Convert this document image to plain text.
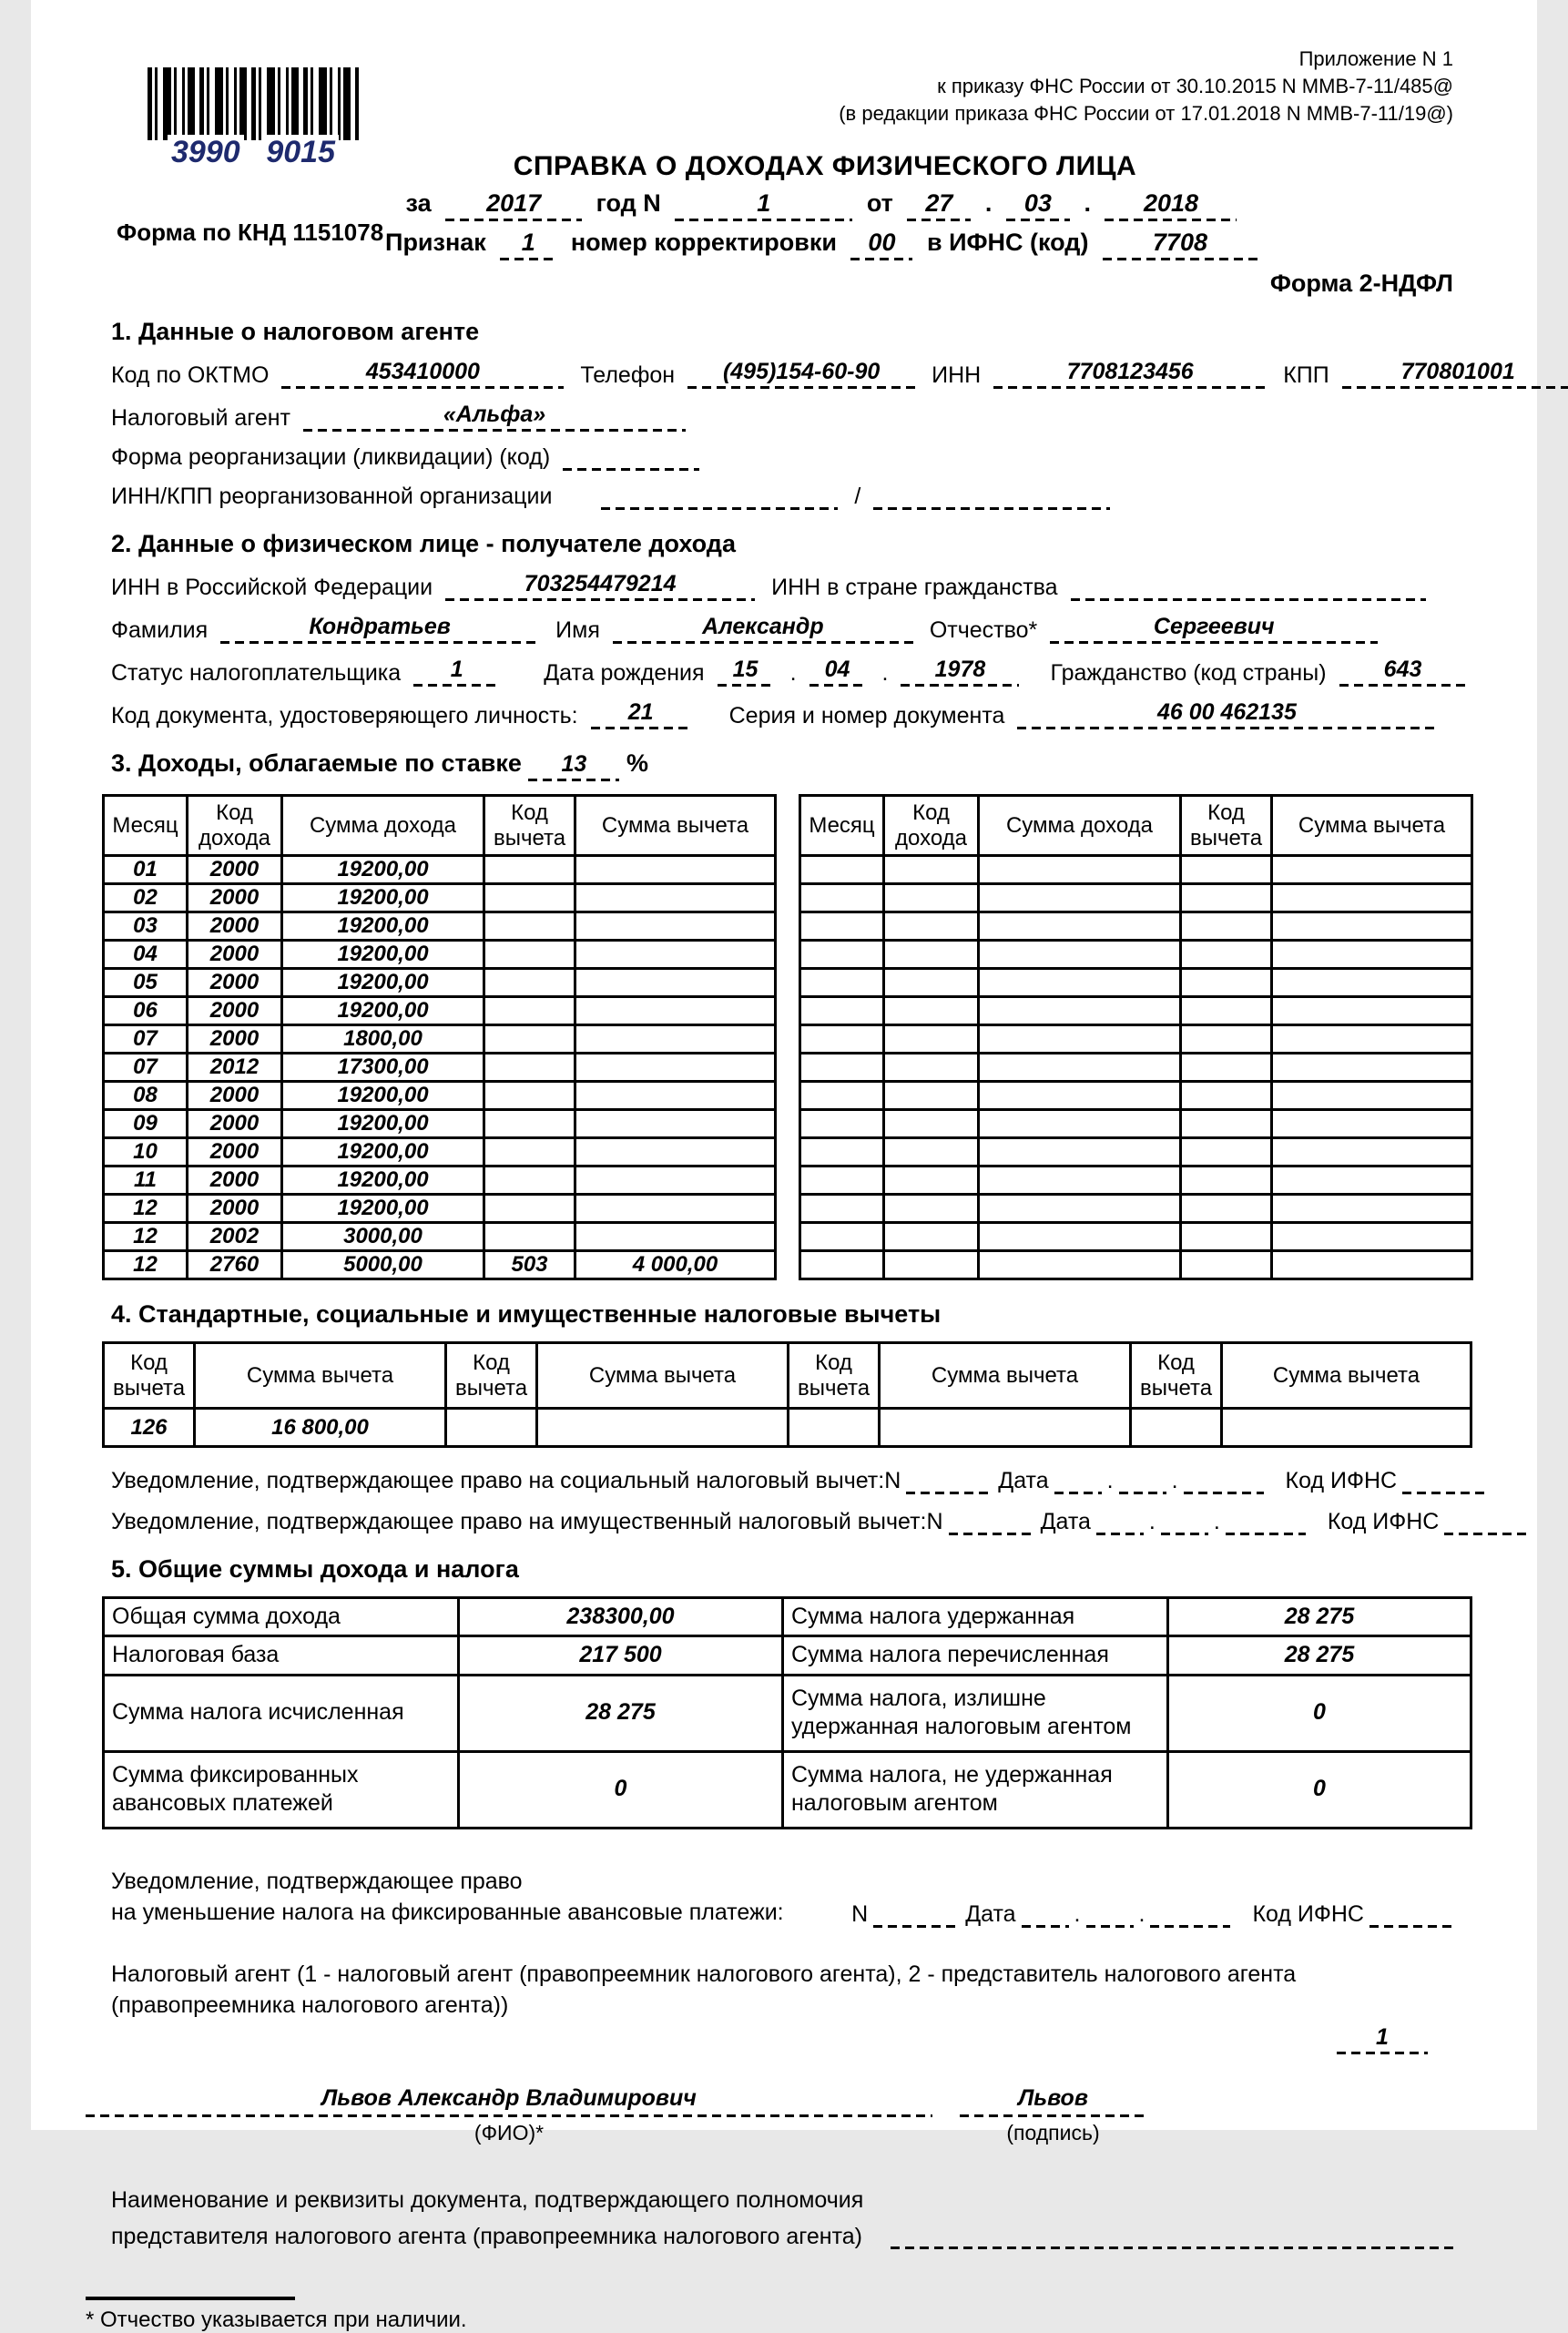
Приложение N 1
к приказу ФНС России от 30.10.2015 N ММВ-7-11/485@
(в редакции приказа ФНС России от 17.01.2018 N ММВ-7-11/19@)
3990 9015
Форма по КНД 1151078
СПРАВКА О ДОХОДАХ ФИЗИЧЕСКОГО ЛИЦА
за 2017 год N	1	от 27 . 03 . 2018
Признак 1 номер корректировки 00 в ИФНС (код)	7708
Форма 2-НДФЛ
1. Данные о налоговом агенте
Код по ОКТМО	453410000	Телефон	(495)154-60-90	ИНН	7708123456	КПП	770801001
Налоговый агент	«Альфа»
Форма реорганизации (ликвидации) (код)
ИНН/КПП реорганизованной организации	/
2. Данные о физическом лице - получателе дохода
ИНН в Российской Федерации	703254479214	ИНН в стране гражданства
Фамилия	Кондратьев	Имя	Александр	Отчество*	Сергеевич
Статус налогоплательщика	1	Дата рождения	15	.	04	.	1978	Гражданство (код страны)	643
Код документа, удостоверяющего личность:	21	Серия и номер документа	46 00 462135
3. Доходы, облагаемые по ставке 13 %
Месяц	Код дохода	Сумма дохода	Код вычета	Сумма вычета
01	2000	19200,00		
02	2000	19200,00		
03	2000	19200,00		
04	2000	19200,00		
05	2000	19200,00		
06	2000	19200,00		
07	2000	1800,00		
07	2012	17300,00		
08	2000	19200,00		
09	2000	19200,00		
10	2000	19200,00		
11	2000	19200,00		
12	2000	19200,00		
12	2002	3000,00		
12	2760	5000,00	503	4 000,00
Месяц	Код дохода	Сумма дохода	Код вычета	Сумма вычета

4. Стандартные, социальные и имущественные налоговые вычеты
Код вычета	Сумма вычета	Код вычета	Сумма вычета	Код вычета	Сумма вычета	Код вычета	Сумма вычета
126	16 800,00						
Уведомление, подтверждающее право на социальный налоговый вычет: N	Дата	.	.	Код ИФНС
Уведомление, подтверждающее право на имущественный налоговый вычет: N	Дата	.	.	Код ИФНС
5. Общие суммы дохода и налога
Общая сумма дохода	238300,00	Сумма налога удержанная	28 275
Налоговая база	217 500	Сумма налога перечисленная	28 275
Сумма налога исчисленная	28 275	Сумма налога, излишне удержанная налоговым агентом	0
Сумма фиксированных авансовых платежей	0	Сумма налога, не удержанная налоговым агентом	0
Уведомление, подтверждающее право
на уменьшение налога на фиксированные авансовые платежи:	N	Дата	.	.	Код ИФНС
Налоговый агент (1 - налоговый агент (правопреемник налогового агента), 2 - представитель налогового агента
(правопреемника налогового агента))
1
Львов Александр Владимирович
(ФИО)*
Львов
(подпись)
Наименование и реквизиты документа, подтверждающего полномочия
представителя налогового агента (правопреемника налогового агента)
* Отчество указывается при наличии.
